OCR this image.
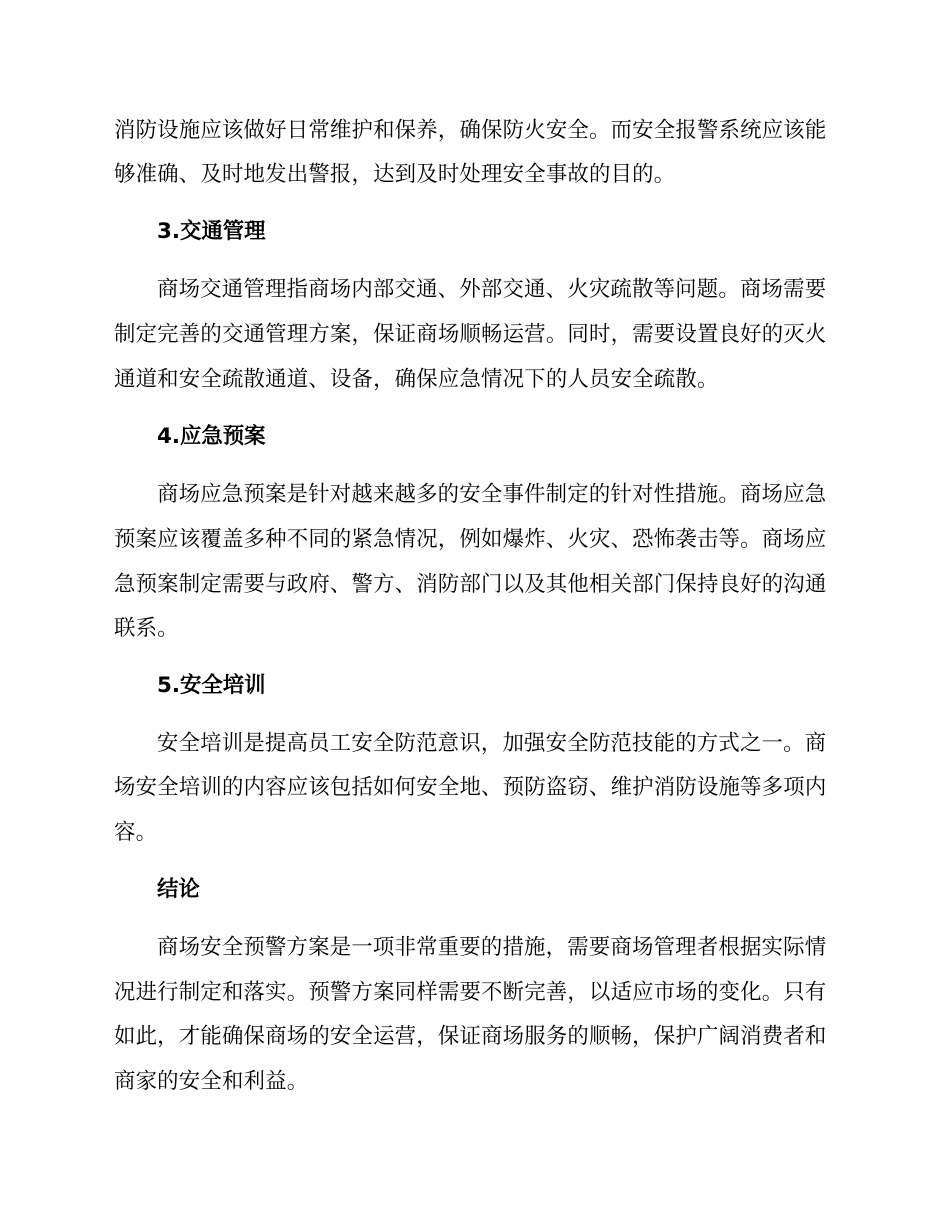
消防设施应该做好日常维护和保养，确保防火安全。而安全报警系统应该能
够准确、及时地发出警报，达到及时处理安全事故的目的。
3.交通管理
商场交通管理指商场内部交通、外部交通、火灾疏散等问题。商场需要
制定完善的交通管理方案，保证商场顺畅运营。同时，需要设置良好的灭火
通道和安全疏散通道、设备，确保应急情况下的人员安全疏散。
4.应急预案
商场应急预案是针对越来越多的安全事件制定的针对性措施。商场应急
预案应该覆盖多种不同的紧急情况，例如爆炸、火灾、恐怖袭击等。商场应
急预案制定需要与政府、警方、消防部门以及其他相关部门保持良好的沟通
联系。
5.安全培训
安全培训是提高员工安全防范意识，加强安全防范技能的方式之一。商
场安全培训的内容应该包括如何安全地、预防盗窃、维护消防设施等多项内
容。
结论
商场安全预警方案是一项非常重要的措施，需要商场管理者根据实际情
况进行制定和落实。预警方案同样需要不断完善，以适应市场的变化。只有
如此，才能确保商场的安全运营，保证商场服务的顺畅，保护广阔消费者和
商家的安全和利益。
